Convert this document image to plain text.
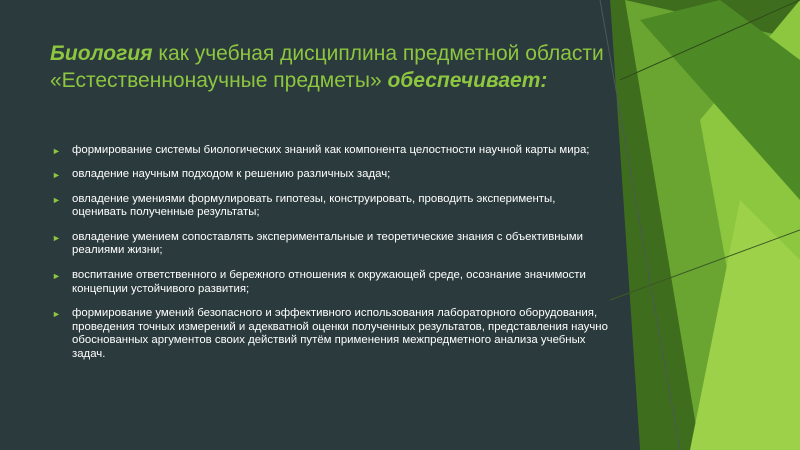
Биология как учебная дисциплина предметной области «Естественнонаучные предметы» обеспечивает:
► формирование системы биологических знаний как компонента целостности научной карты мира;
► овладение научным подходом к решению различных задач;
► овладение умениями формулировать гипотезы, конструировать, проводить эксперименты, оценивать полученные результаты;
► овладение умением сопоставлять экспериментальные и теоретические знания с объективными реалиями жизни;
► воспитание ответственного и бережного отношения к окружающей среде, осознание значимости концепции устойчивого развития;
► формирование умений безопасного и эффективного использования лабораторного оборудования, проведения точных измерений и адекватной оценки полученных результатов, представления научно обоснованных аргументов своих действий путём применения межпредметного анализа учебных задач.
